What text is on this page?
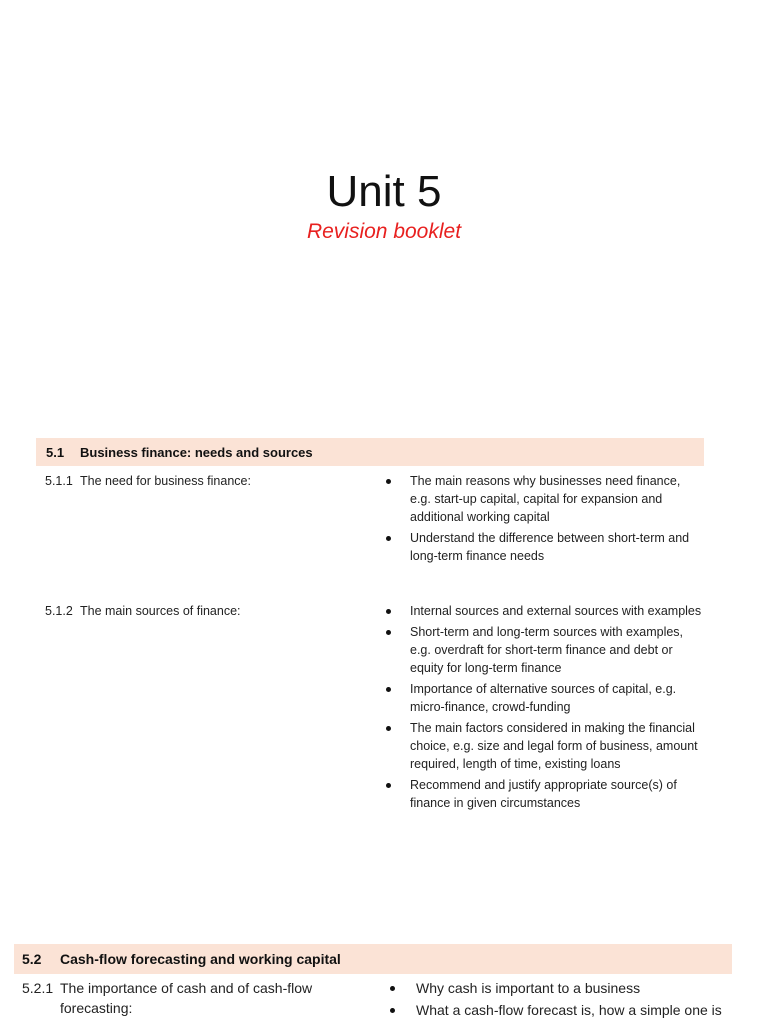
Unit 5
Revision booklet
5.1	Business finance: needs and sources
5.1.1 The need for business finance:	The main reasons why businesses need finance, e.g. start-up capital, capital for expansion and additional working capital
Understand the difference between short-term and long-term finance needs
5.1.2 The main sources of finance:	Internal sources and external sources with examples
Short-term and long-term sources with examples, e.g. overdraft for short-term finance and debt or equity for long-term finance
Importance of alternative sources of capital, e.g. micro-finance, crowd-funding
The main factors considered in making the financial choice, e.g. size and legal form of business, amount required, length of time, existing loans
Recommend and justify appropriate source(s) of finance in given circumstances
5.2	Cash-flow forecasting and working capital
5.2.1 The importance of cash and of cash-flow forecasting:
Why cash is important to a business
What a cash-flow forecast is, how a simple one is
